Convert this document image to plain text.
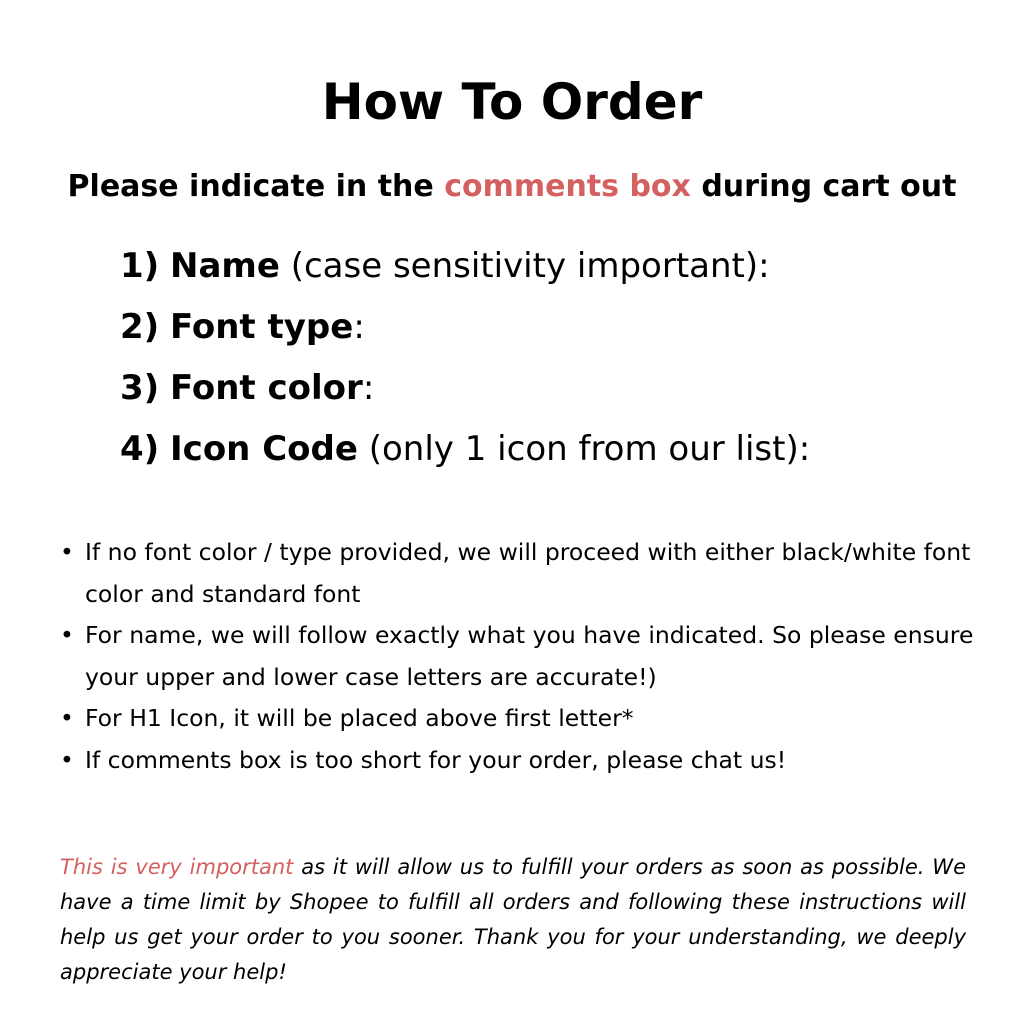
How To Order

Please indicate in the comments box during cart out

1) Name (case sensitivity important):
2) Font type:
3) Font color:
4) Icon Code (only 1 icon from our list):
• If no font color / type provided, we will proceed with either black/white font color and standard font
• For name, we will follow exactly what you have indicated. So please ensure your upper and lower case letters are accurate!)
• For H1 Icon, it will be placed above first letter*
• If comments box is too short for your order, please chat us!

This is very important as it will allow us to fulfill your orders as soon as possible. We have a time limit by Shopee to fulfill all orders and following these instructions will help us get your order to you sooner. Thank you for your understanding, we deeply appreciate your help!
